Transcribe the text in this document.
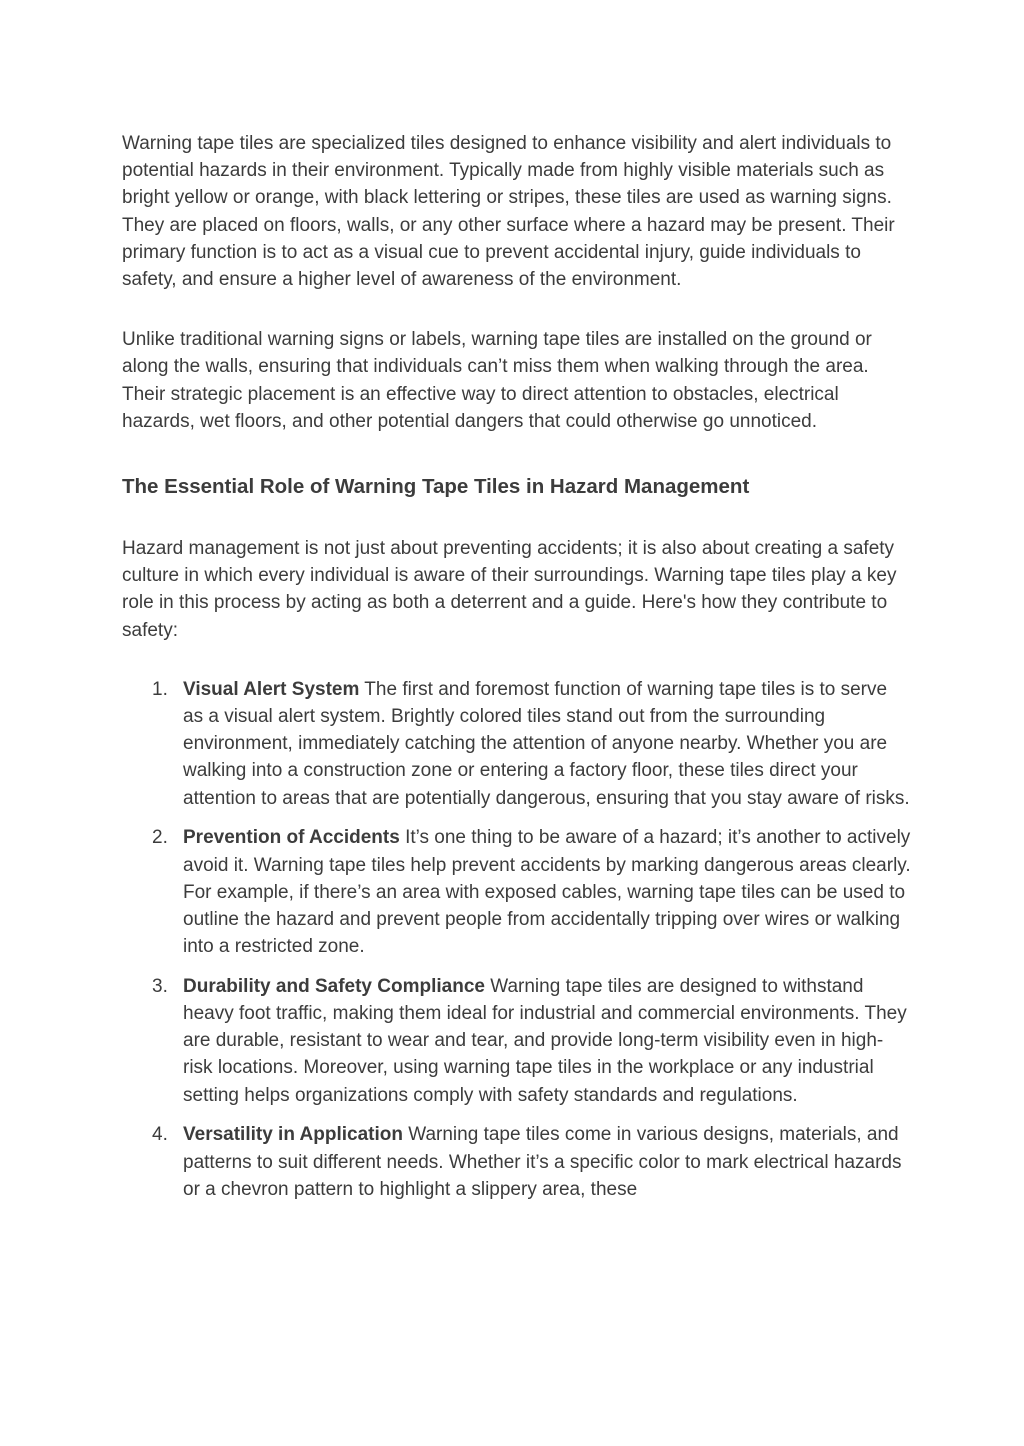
Warning tape tiles are specialized tiles designed to enhance visibility and alert individuals to potential hazards in their environment. Typically made from highly visible materials such as bright yellow or orange, with black lettering or stripes, these tiles are used as warning signs. They are placed on floors, walls, or any other surface where a hazard may be present. Their primary function is to act as a visual cue to prevent accidental injury, guide individuals to safety, and ensure a higher level of awareness of the environment.

Unlike traditional warning signs or labels, warning tape tiles are installed on the ground or along the walls, ensuring that individuals can’t miss them when walking through the area. Their strategic placement is an effective way to direct attention to obstacles, electrical hazards, wet floors, and other potential dangers that could otherwise go unnoticed.

The Essential Role of Warning Tape Tiles in Hazard Management

Hazard management is not just about preventing accidents; it is also about creating a safety culture in which every individual is aware of their surroundings. Warning tape tiles play a key role in this process by acting as both a deterrent and a guide. Here's how they contribute to safety:

1. Visual Alert System The first and foremost function of warning tape tiles is to serve as a visual alert system. Brightly colored tiles stand out from the surrounding environment, immediately catching the attention of anyone nearby. Whether you are walking into a construction zone or entering a factory floor, these tiles direct your attention to areas that are potentially dangerous, ensuring that you stay aware of risks.
2. Prevention of Accidents It’s one thing to be aware of a hazard; it’s another to actively avoid it. Warning tape tiles help prevent accidents by marking dangerous areas clearly. For example, if there’s an area with exposed cables, warning tape tiles can be used to outline the hazard and prevent people from accidentally tripping over wires or walking into a restricted zone.
3. Durability and Safety Compliance Warning tape tiles are designed to withstand heavy foot traffic, making them ideal for industrial and commercial environments. They are durable, resistant to wear and tear, and provide long-term visibility even in high-risk locations. Moreover, using warning tape tiles in the workplace or any industrial setting helps organizations comply with safety standards and regulations.
4. Versatility in Application Warning tape tiles come in various designs, materials, and patterns to suit different needs. Whether it’s a specific color to mark electrical hazards or a chevron pattern to highlight a slippery area, these
